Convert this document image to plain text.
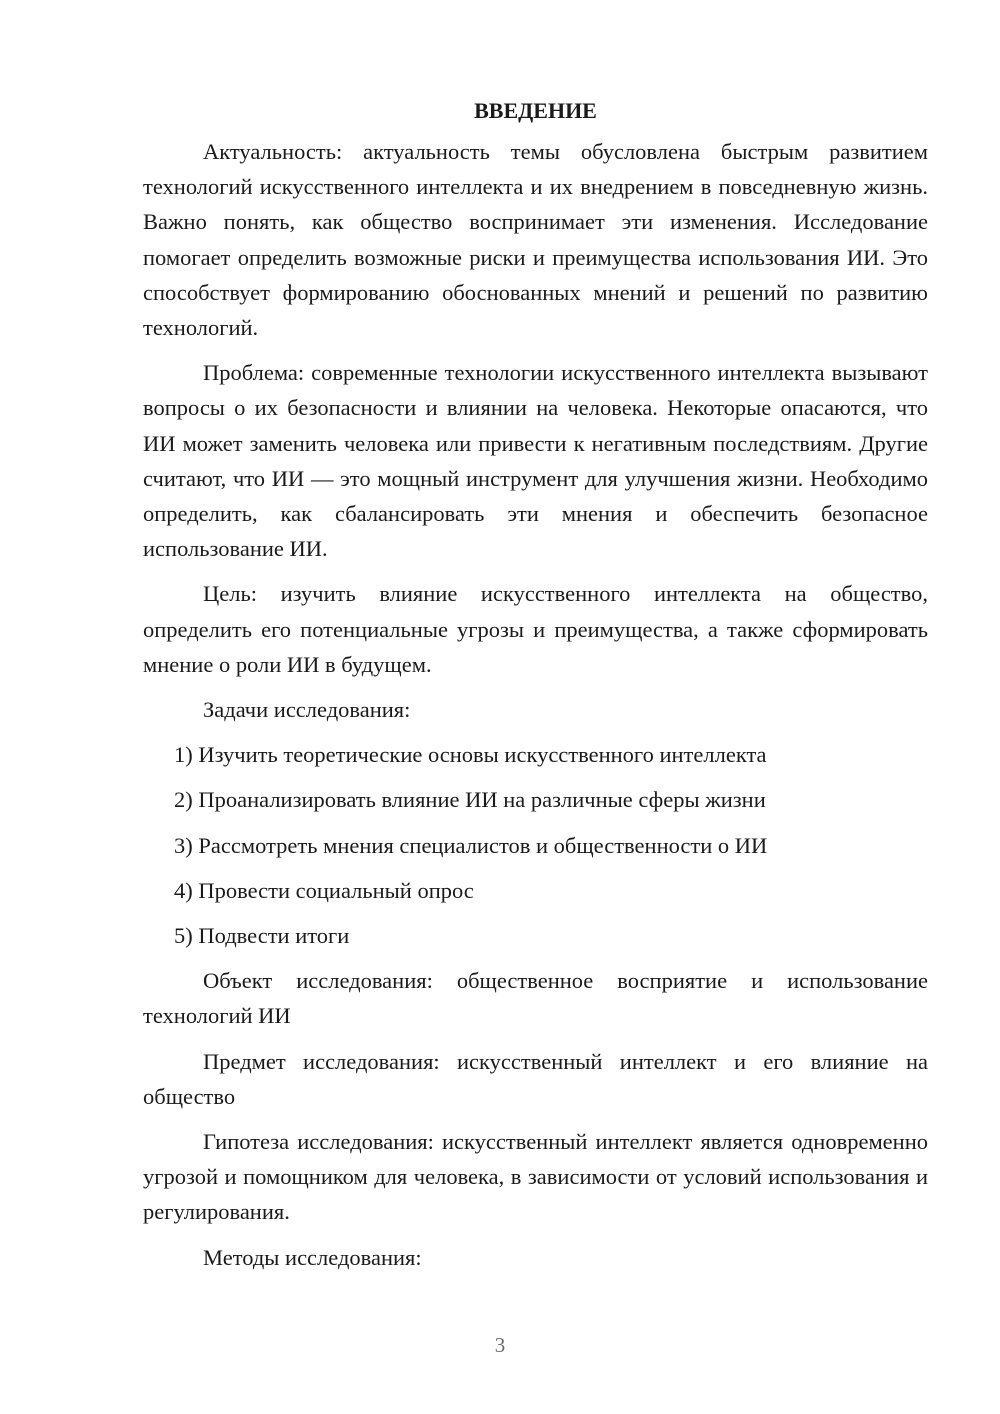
ВВЕДЕНИЕ

Актуальность: актуальность темы обусловлена быстрым развитием технологий искусственного интеллекта и их внедрением в повседневную жизнь. Важно понять, как общество воспринимает эти изменения. Исследование помогает определить возможные риски и преимущества использования ИИ. Это способствует формированию обоснованных мнений и решений по развитию технологий.

Проблема: современные технологии искусственного интеллекта вызывают вопросы о их безопасности и влиянии на человека. Некоторые опасаются, что ИИ может заменить человека или привести к негативным последствиям. Другие считают, что ИИ — это мощный инструмент для улучшения жизни. Необходимо определить, как сбалансировать эти мнения и обеспечить безопасное использование ИИ.

Цель: изучить влияние искусственного интеллекта на общество, определить его потенциальные угрозы и преимущества, а также сформировать мнение о роли ИИ в будущем.

Задачи исследования:

1) Изучить теоретические основы искусственного интеллекта
2) Проанализировать влияние ИИ на различные сферы жизни
3) Рассмотреть мнения специалистов и общественности о ИИ
4) Провести социальный опрос
5) Подвести итоги

Объект исследования: общественное восприятие и использование технологий ИИ

Предмет исследования: искусственный интеллект и его влияние на общество

Гипотеза исследования: искусственный интеллект является одновременно угрозой и помощником для человека, в зависимости от условий использования и регулирования.

Методы исследования:

3
